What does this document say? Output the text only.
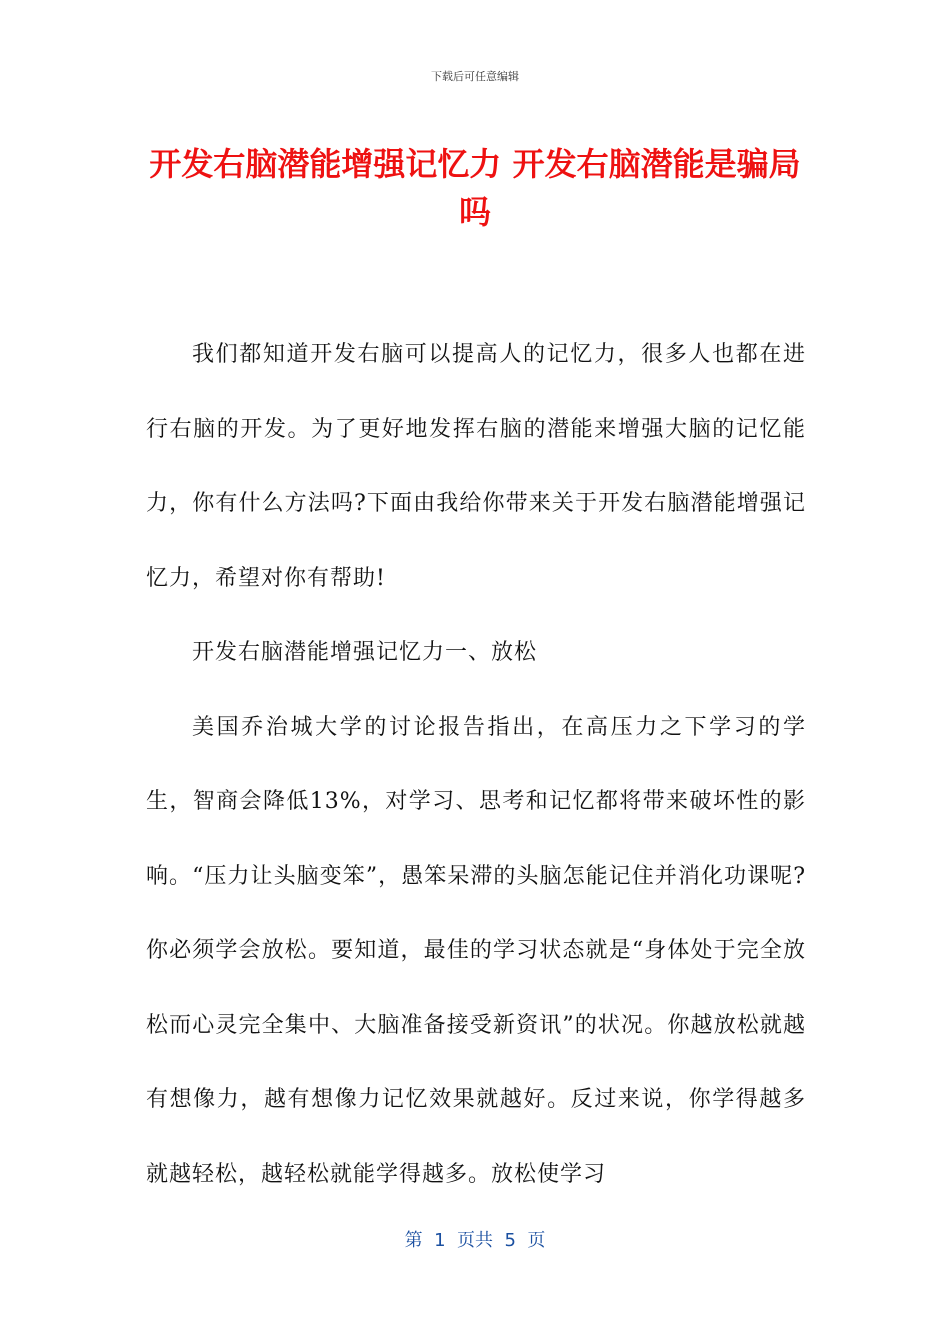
下载后可任意编辑
开发右脑潜能增强记忆力 开发右脑潜能是骗局吗

我们都知道开发右脑可以提高人的记忆力，很多人也都在进行右脑的开发。为了更好地发挥右脑的潜能来增强大脑的记忆能力，你有什么方法吗?下面由我给你带来关于开发右脑潜能增强记忆力，希望对你有帮助!

开发右脑潜能增强记忆力一、放松

美国乔治城大学的讨论报告指出，在高压力之下学习的学生，智商会降低13%，对学习、思考和记忆都将带来破坏性的影响。“压力让头脑变笨”，愚笨呆滞的头脑怎能记住并消化功课呢?你必须学会放松。要知道，最佳的学习状态就是“身体处于完全放松而心灵完全集中、大脑准备接受新资讯”的状况。你越放松就越有想像力，越有想像力记忆效果就越好。反过来说，你学得越多就越轻松，越轻松就能学得越多。放松使学习

第  1  页共  5  页
